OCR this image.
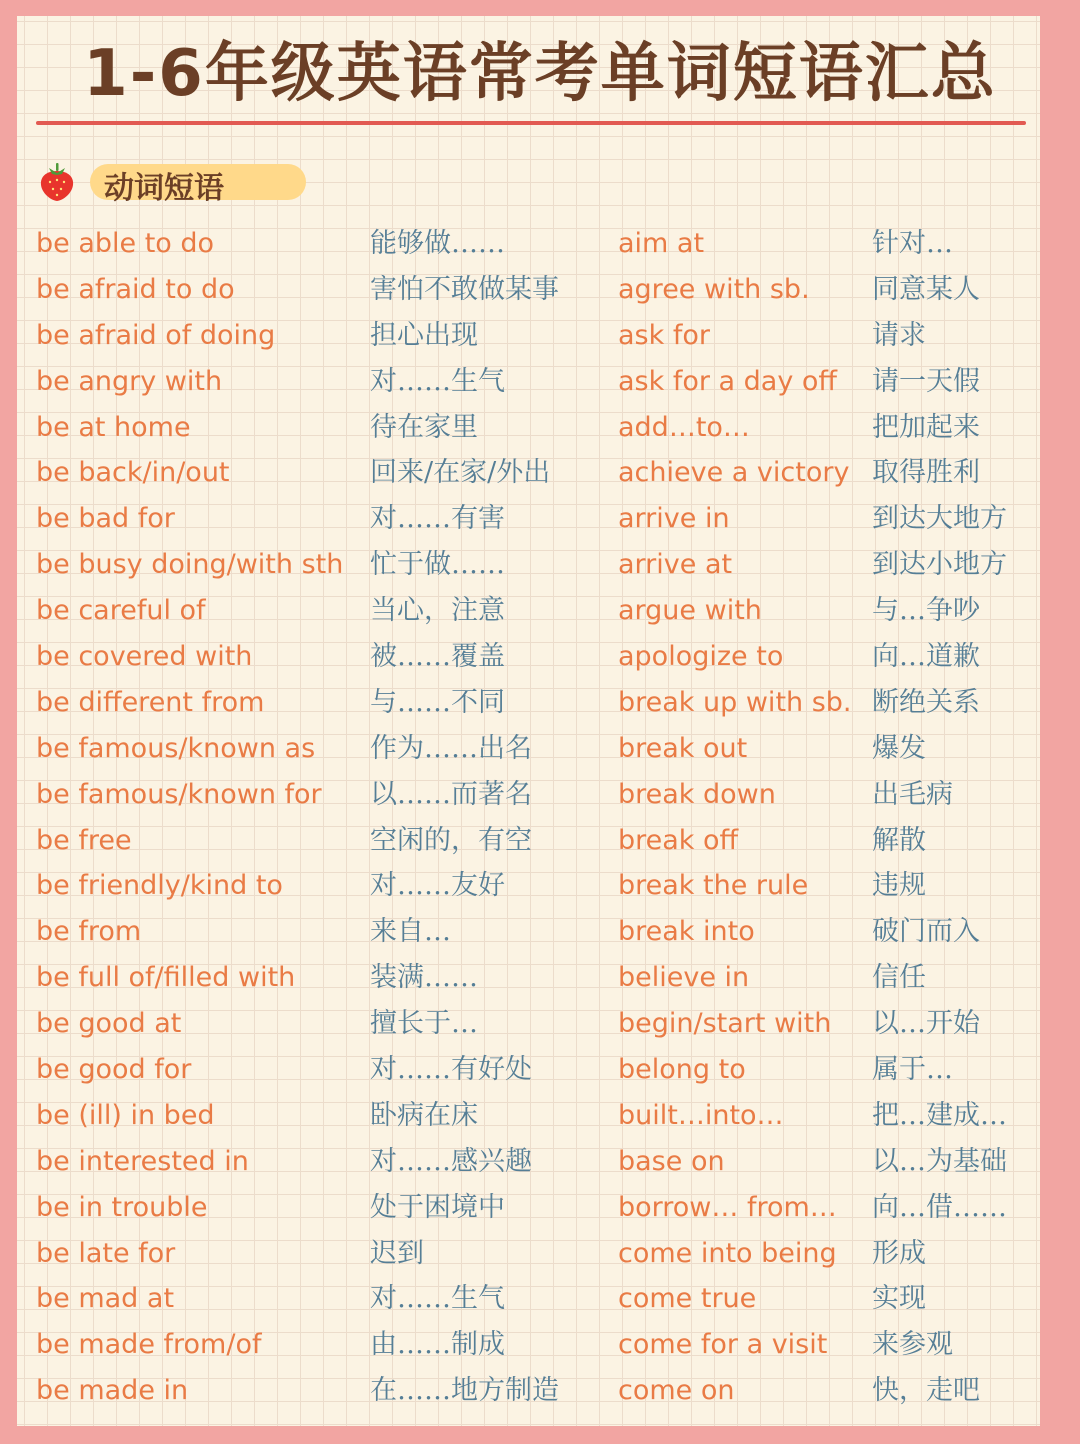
1-6年级英语常考单词短语汇总
动词短语
be able to do	能够做……	aim at	针对…
be afraid to do	害怕不敢做某事 agree with sb. 同意某人
be afraid of doing	担心出现	ask for	请求
be angry with	对……生气	ask for a day off 请一天假
be at home	待在家里	add…to…	把加起来
be back/in/out	回来/在家/外出	achieve a victory 取得胜利
be bad for	对……有害	arrive in	到达大地方
be busy doing/with sth 忙于做……	arrive at	到达小地方
be careful of	当心，注意	argue with	与…争吵
be covered with	被……覆盖	apologize to	向…道歉
be different from	与……不同	break up with sb. 断绝关系
be famous/known as 作为……出名	break out	爆发
be famous/known for 以……而著名	break down	出毛病
be free	空闲的，有空	break off	解散
be friendly/kind to	对……友好	break the rule 违规
be from	来自…	break into	破门而入
be full of/filled with	装满……	believe in	信任
be good at	擅长于…	begin/start with 以…开始
be good for	对……有好处	belong to	属于…
be (ill) in bed	卧病在床	built…into…	把…建成…
be interested in	对……感兴趣	base on	以…为基础
be in trouble	处于困境中	borrow… from… 向…借……
be late for	迟到	come into being 形成
be mad at	对……生气	come true	实现
be made from/of	由……制成	come for a visit 来参观
be made in	在……地方制造 come on	快，走吧
